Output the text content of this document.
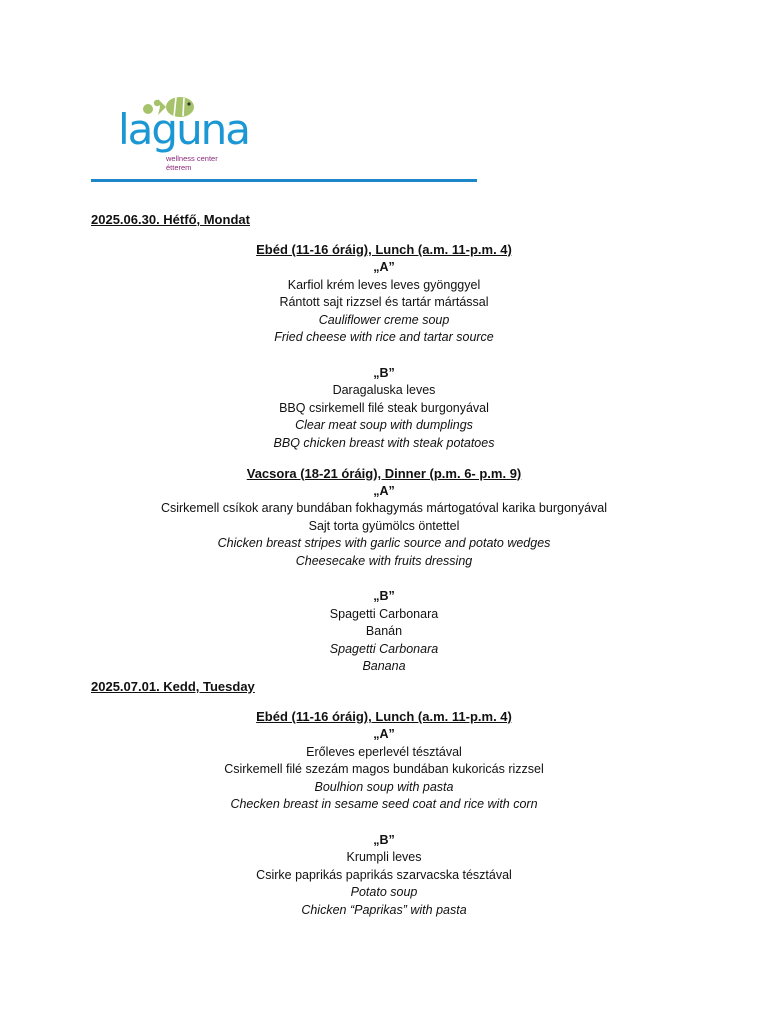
laguna
wellness center
étterem
2025.06.30. Hétfő, Mondat
Ebéd (11-16 óráig), Lunch (a.m. 11-p.m. 4)
„A”
Karfiol krém leves leves gyönggyel
Rántott sajt rizzsel és tartár mártással
Cauliflower creme soup
Fried cheese with rice and tartar source
„B”
Daragaluska leves
BBQ csirkemell filé steak burgonyával
Clear meat soup with dumplings
BBQ chicken breast with steak potatoes
Vacsora (18-21 óráig), Dinner (p.m. 6- p.m. 9)
„A”
Csirkemell csíkok arany bundában fokhagymás mártogatóval karika burgonyával
Sajt torta gyümölcs öntettel
Chicken breast stripes with garlic source and potato wedges
Cheesecake with fruits dressing
„B”
Spagetti Carbonara
Banán
Spagetti Carbonara
Banana
2025.07.01. Kedd, Tuesday
Ebéd (11-16 óráig), Lunch (a.m. 11-p.m. 4)
„A”
Erőleves eperlevél tésztával
Csirkemell filé szezám magos bundában kukoricás rizzsel
Boulhion soup with pasta
Checken breast in sesame seed coat and rice with corn
„B”
Krumpli leves
Csirke paprikás paprikás szarvacska tésztával
Potato soup
Chicken “Paprikas” with pasta
